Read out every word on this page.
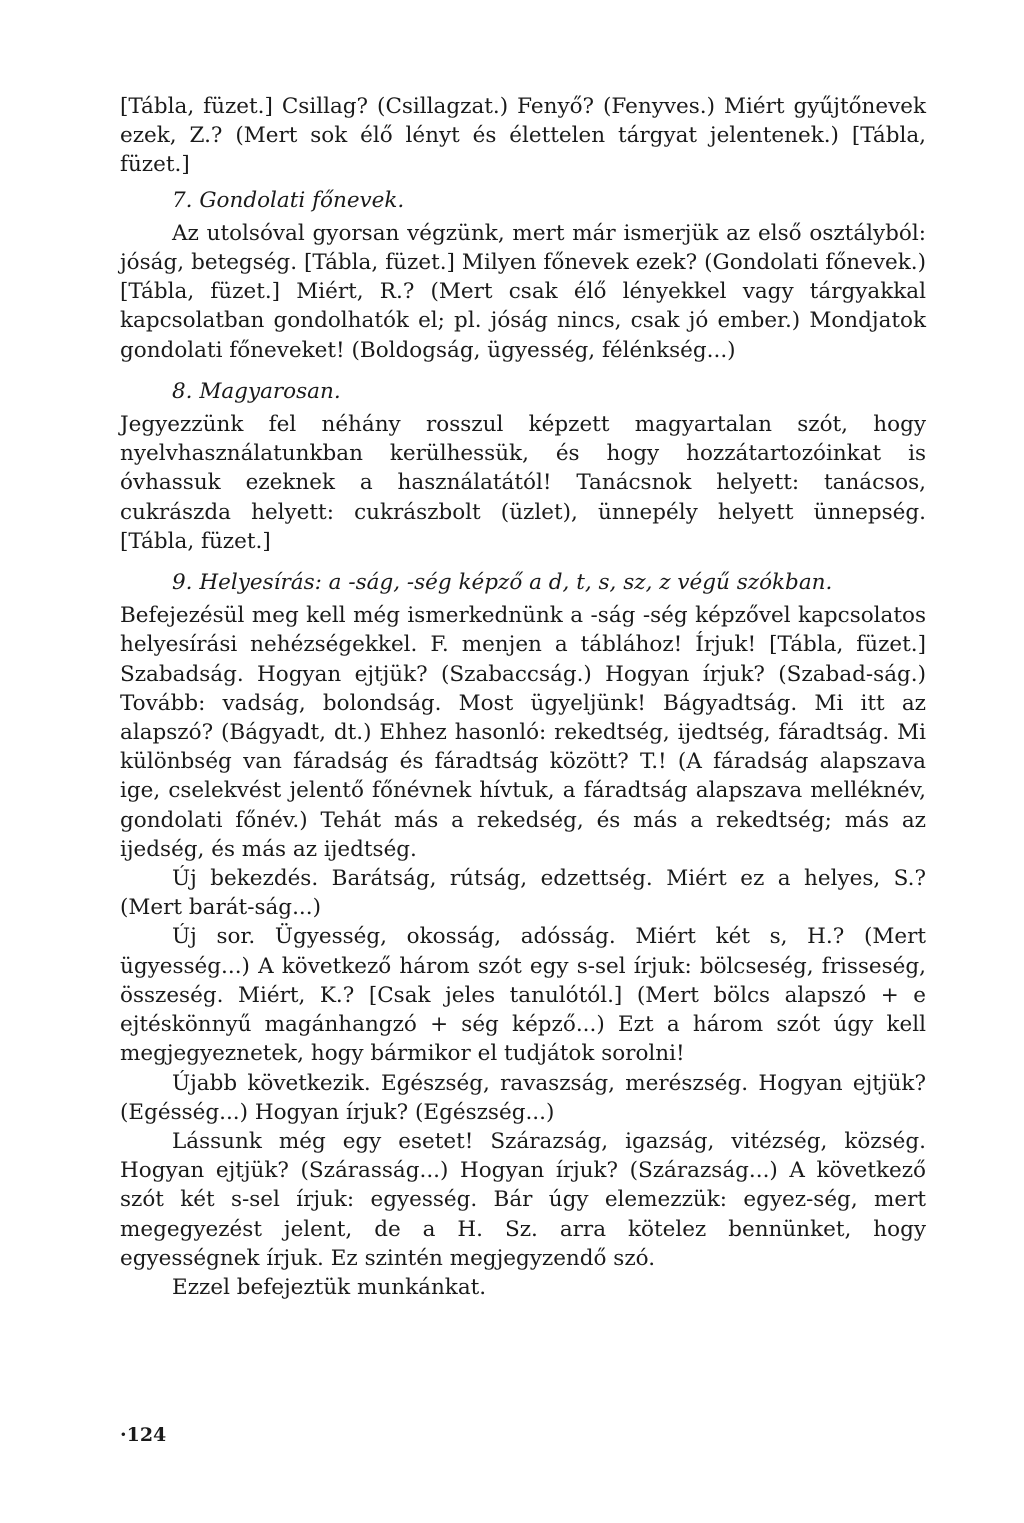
[Tábla, füzet.] Csillag? (Csillagzat.) Fenyő? (Fenyves.) Miért gyűjtőnevek ezek, Z.? (Mert sok élő lényt és élettelen tárgyat jelentenek.) [Tábla, füzet.]

7. Gondolati főnevek.

Az utolsóval gyorsan végzünk, mert már ismerjük az első osztályból: jóság, betegség. [Tábla, füzet.] Milyen főnevek ezek? (Gondolati főnevek.) [Tábla, füzet.] Miért, R.? (Mert csak élő lényekkel vagy tárgyakkal kapcsolatban gondolhatók el; pl. jóság nincs, csak jó ember.) Mondjatok gondolati főneveket! (Boldogság, ügyesség, félénkség...)

8. Magyarosan.

Jegyezzünk fel néhány rosszul képzett magyartalan szót, hogy nyelvhasználatunkban kerülhessük, és hogy hozzátartozóinkat is óvhassuk ezeknek a használatától! Tanácsnok helyett: tanácsos, cukrászda helyett: cukrászbolt (üzlet), ünnepély helyett ünnepség. [Tábla, füzet.]

9. Helyesírás: a -ság, -ség képző a d, t, s, sz, z végű szókban.

Befejezésül meg kell még ismerkednünk a -ság -ség képzővel kapcsolatos helyesírási nehézségekkel. F. menjen a táblához! Írjuk! [Tábla, füzet.] Szabadság. Hogyan ejtjük? (Szabaccság.) Hogyan írjuk? (Szabad-ság.) Tovább: vadság, bolondság. Most ügyeljünk! Bágyadtság. Mi itt az alapszó? (Bágyadt, dt.) Ehhez hasonló: rekedtség, ijedtség, fáradtság. Mi különbség van fáradság és fáradtság között? T.! (A fáradság alapszava ige, cselekvést jelentő főnévnek hívtuk, a fáradtság alapszava melléknév, gondolati főnév.) Tehát más a rekedség, és más a rekedtség; más az ijedség, és más az ijedtség.

Új bekezdés. Barátság, rútság, edzettség. Miért ez a helyes, S.? (Mert barát-ság...)

Új sor. Ügyesség, okosság, adósság. Miért két s, H.? (Mert ügyesség...) A következő három szót egy s-sel írjuk: bölcseség, frisseség, összeség. Miért, K.? [Csak jeles tanulótól.] (Mert bölcs alapszó + e ejtéskönnyű magánhangzó + ség képző...) Ezt a három szót úgy kell megjegyeznetek, hogy bármikor el tudjátok sorolni!

Újabb következik. Egészség, ravaszság, merészség. Hogyan ejtjük? (Egésség...) Hogyan írjuk? (Egészség...)

Lássunk még egy esetet! Szárazság, igazság, vitézség, község. Hogyan ejtjük? (Szárasság...) Hogyan írjuk? (Szárazság...) A következő szót két s-sel írjuk: egyesség. Bár úgy elemezzük: egyez-ség, mert megegyezést jelent, de a H. Sz. arra kötelez bennünket, hogy egyességnek írjuk. Ez szintén megjegyzendő szó.

Ezzel befejeztük munkánkat.

·124
